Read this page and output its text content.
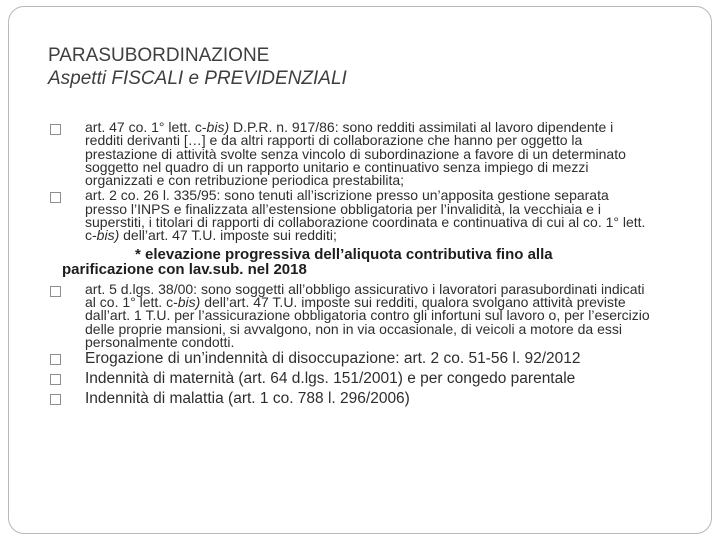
PARASUBORDINAZIONE
Aspetti FISCALI e PREVIDENZIALI
art. 47 co. 1° lett. c-bis) D.P.R. n. 917/86: sono redditi assimilati al lavoro dipendente i redditi derivanti […] e da altri rapporti di collaborazione che hanno per oggetto la prestazione di attività svolte senza vincolo di subordinazione a favore di un determinato soggetto nel quadro di un rapporto unitario e continuativo senza impiego di mezzi organizzati e con retribuzione periodica prestabilita;
art. 2 co. 26 l. 335/95: sono tenuti all’iscrizione presso un’apposita gestione separata presso l’INPS e finalizzata all’estensione obbligatoria per l’invalidità, la vecchiaia e i superstiti, i titolari di rapporti di collaborazione coordinata e continuativa di cui al co. 1° lett. c-bis) dell’art. 47 T.U. imposte sui redditi;
* elevazione progressiva dell’aliquota contributiva fino alla
parificazione con lav.sub. nel 2018
art. 5 d.lgs. 38/00: sono soggetti all’obbligo assicurativo i lavoratori parasubordinati indicati al co. 1° lett. c-bis) dell’art. 47 T.U. imposte sui redditi, qualora svolgano attività previste dall’art. 1 T.U. per l’assicurazione obbligatoria contro gli infortuni sul lavoro o, per l’esercizio delle proprie mansioni, si avvalgono, non in via occasionale, di veicoli a motore da essi personalmente condotti.
Erogazione di un’indennità di disoccupazione: art. 2 co. 51-56 l. 92/2012
Indennità di maternità (art. 64 d.lgs. 151/2001) e per congedo parentale
Indennità di malattia (art. 1 co. 788 l. 296/2006)
